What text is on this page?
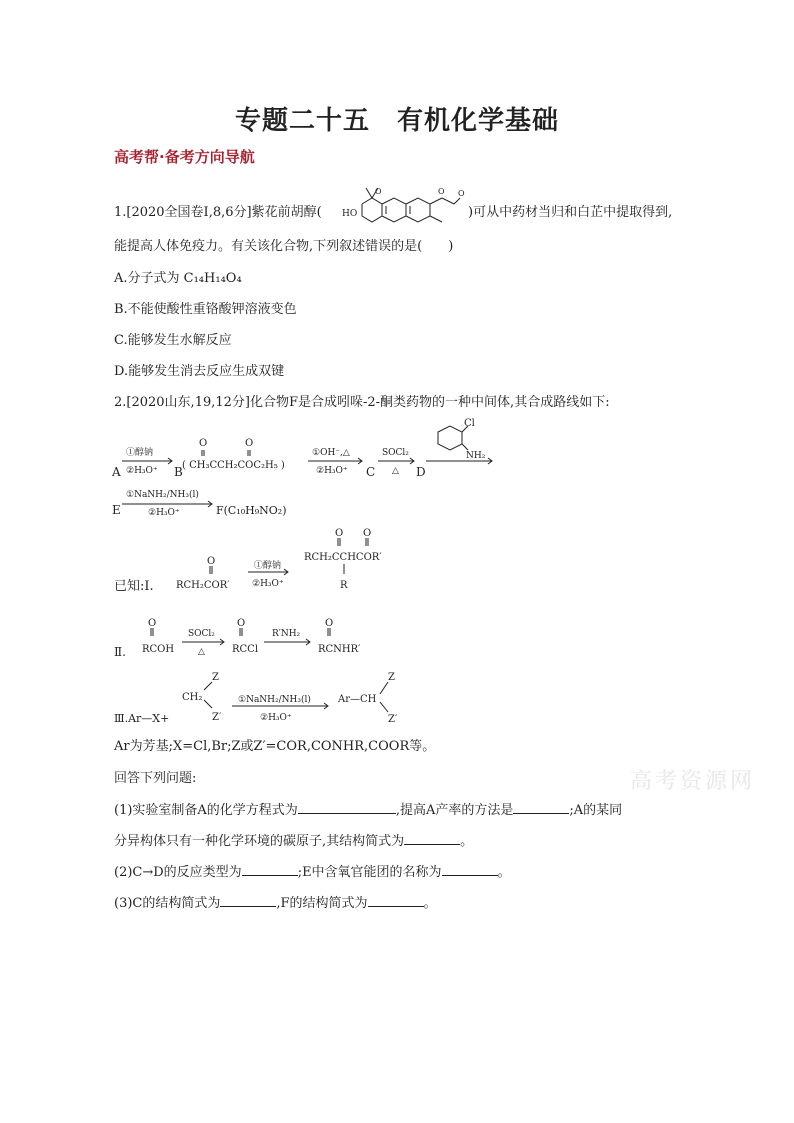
专题二十五　有机化学基础
高考帮·备考方向导航
1.[2020全国卷Ⅰ,8,6分]紫花前胡醇( HO
O	O O
)可从中药材当归和白芷中提取得到,
能提高人体免疫力。有关该化合物,下列叙述错误的是(　　)
A.分子式为 C₁₄H₁₄O₄
B.不能使酸性重铬酸钾溶液变色
C.能够发生水解反应
D.能够发生消去反应生成双键
2.[2020山东,19,12分]化合物F是合成吲哚-2-酮类药物的一种中间体,其合成路线如下:
①醇钠
②H₃O⁺
A	B ( CH₃CCH₂COC₂H₅ )
O	O
①OH⁻,△
②H₃O⁺ C
SOCl₂
△ D
Cl
NH₂
E
①NaNH₂/NH₃(l)
②H₃O⁺	F(C₁₀H₉NO₂)
已知:Ⅰ.
O
RCH₂COR′
①醇钠
②H₃O⁺
O O
RCH₂CCHCOR′
R
Ⅱ.
O
RCOH
SOCl₂
△
O
RCCl
R′NH₂
O
RCNHR′
Ⅲ.Ar—X+
CH₂
Z
Z′
①NaNH₂/NH₃(l)
②H₃O⁺
Ar—CH
Z
Z′
Ar为芳基;X=Cl,Br;Z或Z′=COR,CONHR,COOR等。
高考资源网
回答下列问题:
(1)实验室制备A的化学方程式为	,提高A产率的方法是	;A的某同
分异构体只有一种化学环境的碳原子,其结构简式为	。
(2)C→D的反应类型为	;E中含氧官能团的名称为	。
(3)C的结构简式为	,F的结构简式为	。
